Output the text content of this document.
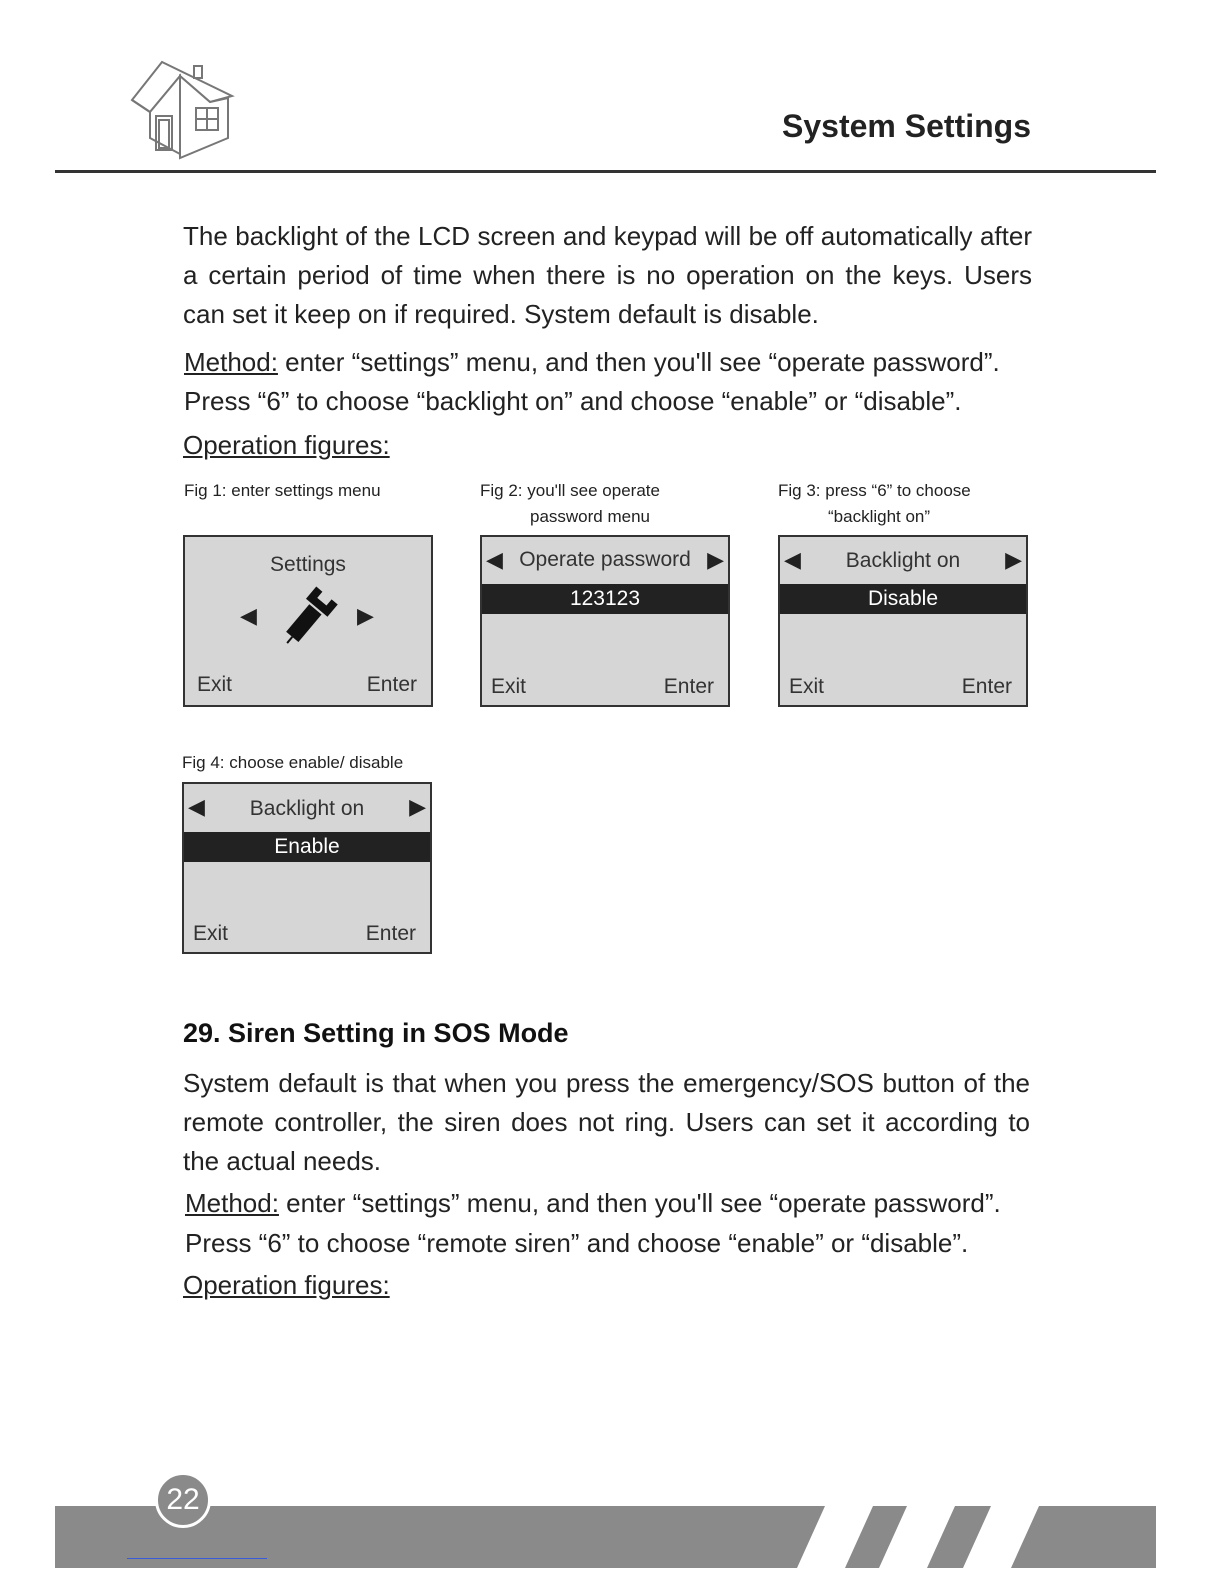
System Settings
The backlight of the LCD screen and keypad will be off automatically after a certain period of time when there is no operation on the keys. Users can set it keep on if required. System default is disable.
Method: enter “settings” menu, and then you'll see “operate password”.
Press “6” to choose “backlight on” and choose “enable” or “disable”.
Operation figures:
Fig 1: enter settings menu
Settings
◀	▶
Exit	Enter
Fig 2: you'll see operate
password menu
◀ Operate password ▶
123123
Exit	Enter
Fig 3: press “6” to choose
“backlight on”
◀	Backlight on	▶
Disable
Exit	Enter
Fig 4: choose enable/ disable
◀	Backlight on	▶
Enable
Exit	Enter
29. Siren Setting in SOS Mode
System default is that when you press the emergency/SOS button of the remote controller, the siren does not ring. Users can set it according to the actual needs.
Method: enter “settings” menu, and then you'll see “operate password”.
Press “6” to choose “remote siren” and choose “enable” or “disable”.
Operation figures:
22
